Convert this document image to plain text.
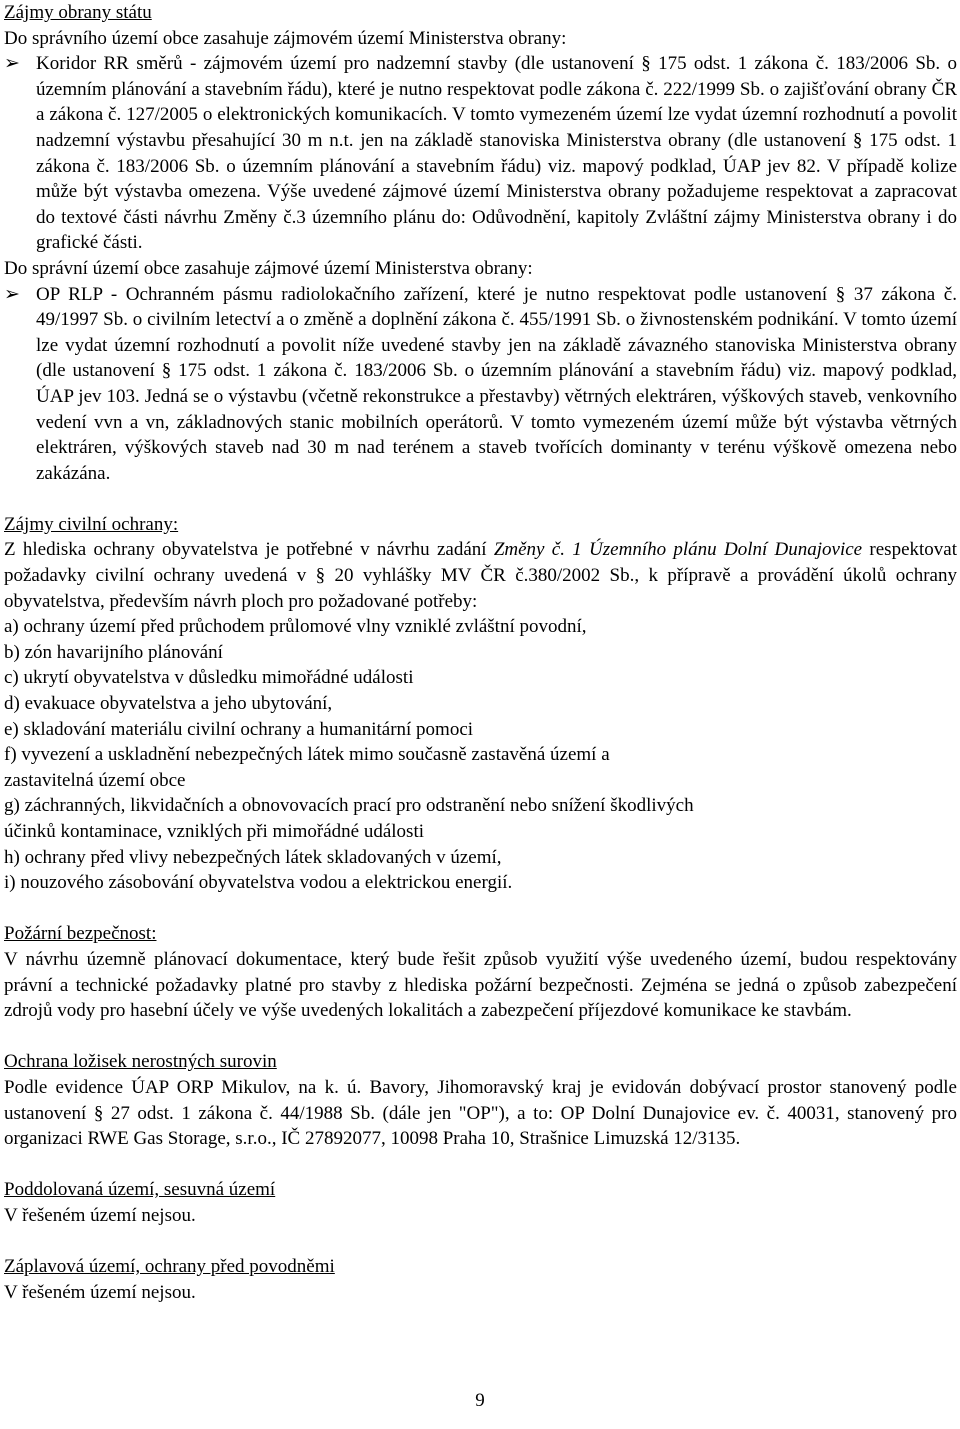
Zájmy obrany státu

Do správního území obce zasahuje zájmovém území Ministerstva obrany:

➢ Koridor RR směrů - zájmovém území pro nadzemní stavby (dle ustanovení § 175 odst. 1 zákona č. 183/2006 Sb. o územním plánování a stavebním řádu), které je nutno respektovat podle zákona č. 222/1999 Sb. o zajišťování obrany ČR a zákona č. 127/2005 o elektronických komunikacích. V tomto vymezeném území lze vydat územní rozhodnutí a povolit nadzemní výstavbu přesahující 30 m n.t. jen na základě stanoviska Ministerstva obrany (dle ustanovení § 175 odst. 1 zákona č. 183/2006 Sb. o územním plánování a stavebním řádu) viz. mapový podklad, ÚAP jev 82. V případě kolize může být výstavba omezena. Výše uvedené zájmové území Ministerstva obrany požadujeme respektovat a zapracovat do textové části návrhu Změny č.3 územního plánu do: Odůvodnění, kapitoly Zvláštní zájmy Ministerstva obrany i do grafické části.

Do správní území obce zasahuje zájmové území Ministerstva obrany:

➢ OP RLP - Ochranném pásmu radiolokačního zařízení, které je nutno respektovat podle ustanovení § 37 zákona č. 49/1997 Sb. o civilním letectví a o změně a doplnění zákona č. 455/1991 Sb. o živnostenském podnikání. V tomto území lze vydat územní rozhodnutí a povolit níže uvedené stavby jen na základě závazného stanoviska Ministerstva obrany (dle ustanovení § 175 odst. 1 zákona č. 183/2006 Sb. o územním plánování a stavebním řádu) viz. mapový podklad, ÚAP jev 103. Jedná se o výstavbu (včetně rekonstrukce a přestavby) větrných elektráren, výškových staveb, venkovního vedení vvn a vn, základnových stanic mobilních operátorů. V tomto vymezeném území může být výstavba větrných elektráren, výškových staveb nad 30 m nad terénem a staveb tvořících dominanty v terénu výškově omezena nebo zakázána.

Zájmy civilní ochrany:

Z hlediska ochrany obyvatelstva je potřebné v návrhu zadání Změny č. 1 Územního plánu Dolní Dunajovice respektovat požadavky civilní ochrany uvedená v § 20 vyhlášky MV ČR č.380/2002 Sb., k přípravě a provádění úkolů ochrany obyvatelstva, především návrh ploch pro požadované potřeby:

a) ochrany území před průchodem průlomové vlny vzniklé zvláštní povodní,

b) zón havarijního plánování

c) ukrytí obyvatelstva v důsledku mimořádné události

d) evakuace obyvatelstva a jeho ubytování,

e) skladování materiálu civilní ochrany a humanitární pomoci

f) vyvezení a uskladnění nebezpečných látek mimo současně zastavěná území a zastavitelná území obce

g) záchranných, likvidačních a obnovovacích prací pro odstranění nebo snížení škodlivých účinků kontaminace, vzniklých při mimořádné události

h) ochrany před vlivy nebezpečných látek skladovaných v území,

i) nouzového zásobování obyvatelstva vodou a elektrickou energií.

Požární bezpečnost:

V návrhu územně plánovací dokumentace, který bude řešit způsob využití výše uvedeného území, budou respektovány právní a technické požadavky platné pro stavby z hlediska požární bezpečnosti. Zejména se jedná o způsob zabezpečení zdrojů vody pro hasební účely ve výše uvedených lokalitách a zabezpečení příjezdové komunikace ke stavbám.

Ochrana ložisek nerostných surovin

Podle evidence ÚAP ORP Mikulov, na k. ú. Bavory, Jihomoravský kraj je evidován dobývací prostor stanovený podle ustanovení § 27 odst. 1 zákona č. 44/1988 Sb. (dále jen "OP"), a to: OP Dolní Dunajovice ev. č. 40031, stanovený pro organizaci RWE Gas Storage, s.r.o., IČ 27892077, 10098 Praha 10, Strašnice Limuzská 12/3135.

Poddolovaná území, sesuvná území

V řešeném území nejsou.

Záplavová území, ochrany před povodněmi

V řešeném území nejsou.

9
